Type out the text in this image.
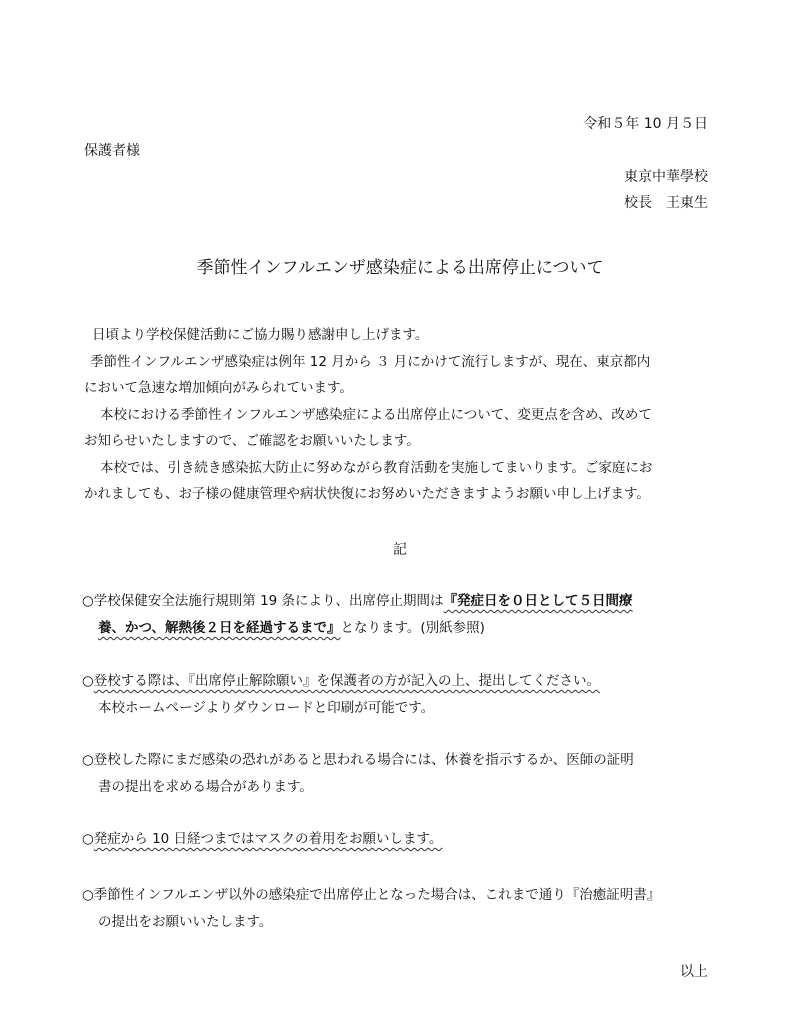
令和５年 10 月５日

保護者様

東京中華學校

校長　王東生

季節性インフルエンザ感染症による出席停止について

日頃より学校保健活動にご協力賜り感謝申し上げます。

季節性インフルエンザ感染症は例年 12 月から ３ 月にかけて流行しますが、現在、東京都内

において急速な増加傾向がみられています。

本校における季節性インフルエンザ感染症による出席停止について、変更点を含め、改めて

お知らせいたしますので、ご確認をお願いいたします。

本校では、引き続き感染拡大防止に努めながら教育活動を実施してまいります。ご家庭にお

かれましても、お子様の健康管理や病状快復にお努めいただきますようお願い申し上げます。

記

○学校保健安全法施行規則第 19 条により、出席停止期間は『発症日を０日として５日間療

養、かつ、解熱後２日を経過するまで』となります。(別紙参照)

○登校する際は、『出席停止解除願い』を保護者の方が記入の上、提出してください。

本校ホームページよりダウンロードと印刷が可能です。

○登校した際にまだ感染の恐れがあると思われる場合には、休養を指示するか、医師の証明

書の提出を求める場合があります。

○発症から 10 日経つまではマスクの着用をお願いします。

○季節性インフルエンザ以外の感染症で出席停止となった場合は、これまで通り『治癒証明書』

の提出をお願いいたします。

以上
